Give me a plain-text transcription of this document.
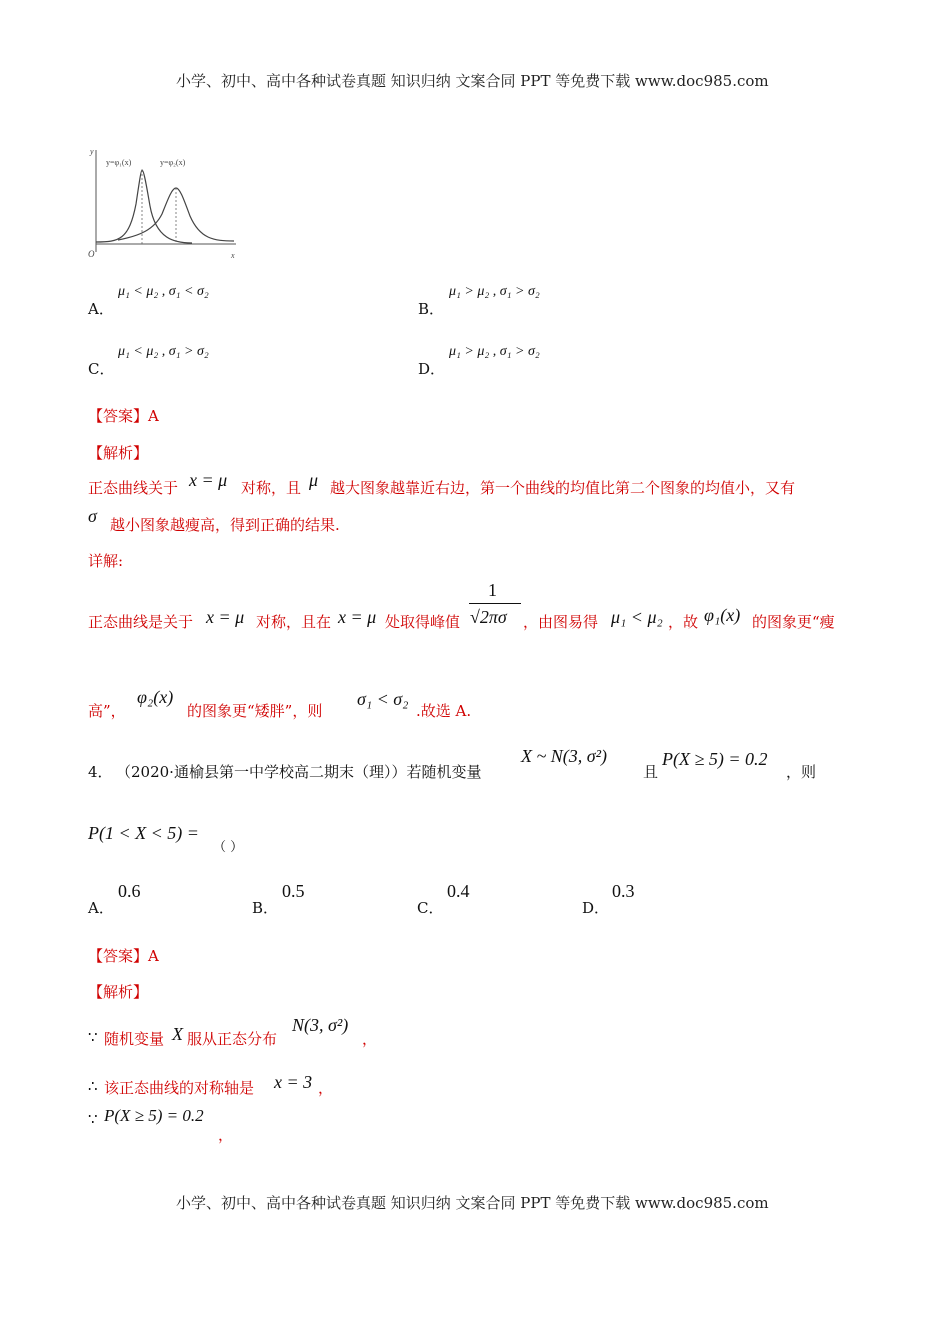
小学、初中、高中各种试卷真题 知识归纳 文案合同 PPT 等免费下载 www.doc985.com
y
x
O
y=φ₁(x)	y=φ₂(x)
A．
μ₁ < μ₂ , σ₁ < σ₂
B．
μ₁ > μ₂ , σ₁ > σ₂
C．
μ₁ < μ₂ , σ₁ > σ₂
D．
μ₁ > μ₂ , σ₁ > σ₂
【答案】A
【解析】
正态曲线关于 x = μ 对称，且 μ 越大图象越靠近右边，第一个曲线的均值比第二个图象的均值小，又有
σ 越小图象越瘦高，得到正确的结果.
详解:
正态曲线是关于 x = μ 对称，且在 x = μ 处取得峰值
1
√2πσ ，由图易得 μ₁ < μ₂ ，故 φ₁(x) 的图象更“瘦
高”，
φ₂(x)
的图象更“矮胖”，则
σ₁ < σ₂
.故选 A.
4． （2020·通榆县第一中学校高二期末（理））若随机变量
X ~ N(3, σ²)
且
P(X ≥ 5) = 0.2
，则
P(1 < X < 5) =
（ ）
A．
0.6
B．
0.5
C．
0.4
D．
0.3
【答案】A
【解析】
∵ 随机变量 X 服从正态分布
N(3, σ²)
，
∴ 该正态曲线的对称轴是 x = 3 ，
∵ P(X ≥ 5) = 0.2
，
小学、初中、高中各种试卷真题 知识归纳 文案合同 PPT 等免费下载 www.doc985.com
